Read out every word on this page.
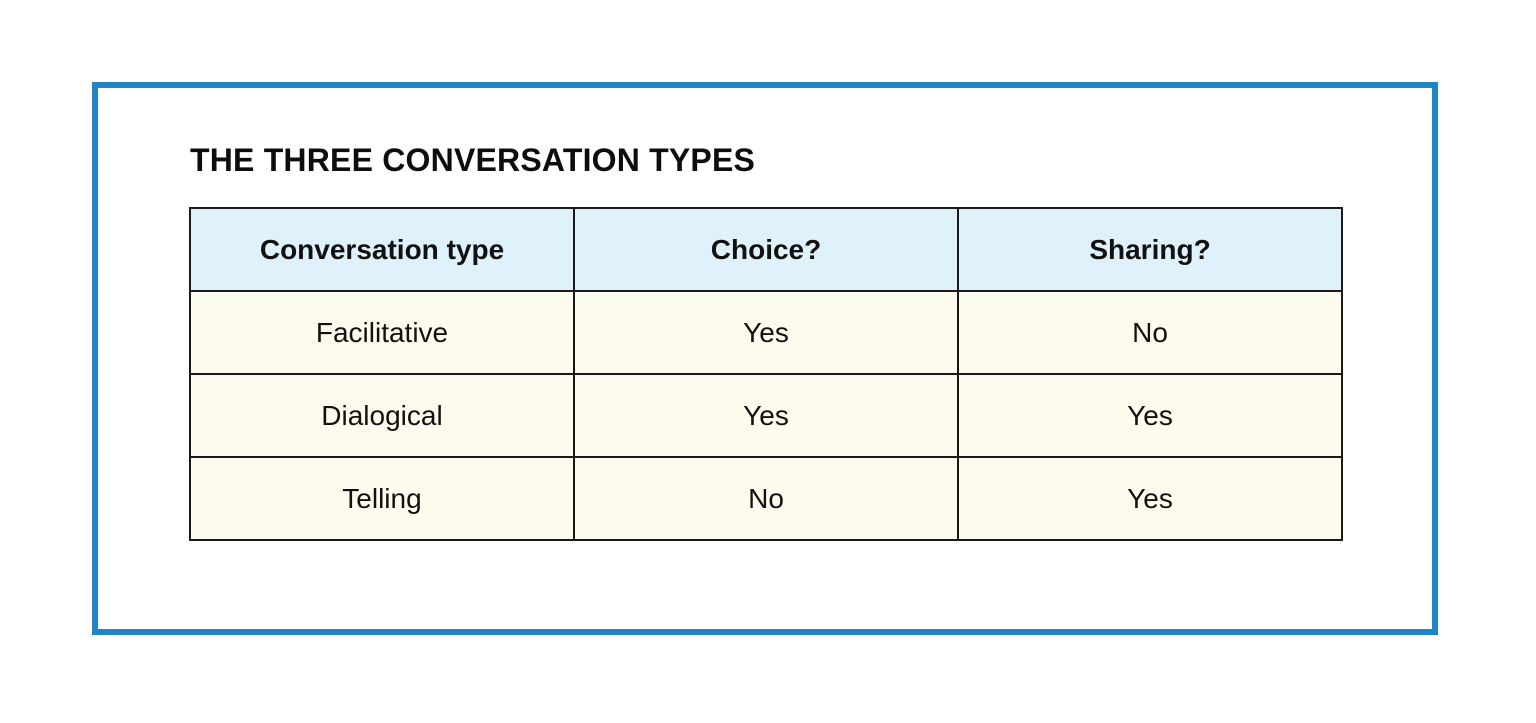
THE THREE CONVERSATION TYPES
Conversation type	Choice?	Sharing?
Facilitative	Yes	No
Dialogical	Yes	Yes
Telling	No	Yes
